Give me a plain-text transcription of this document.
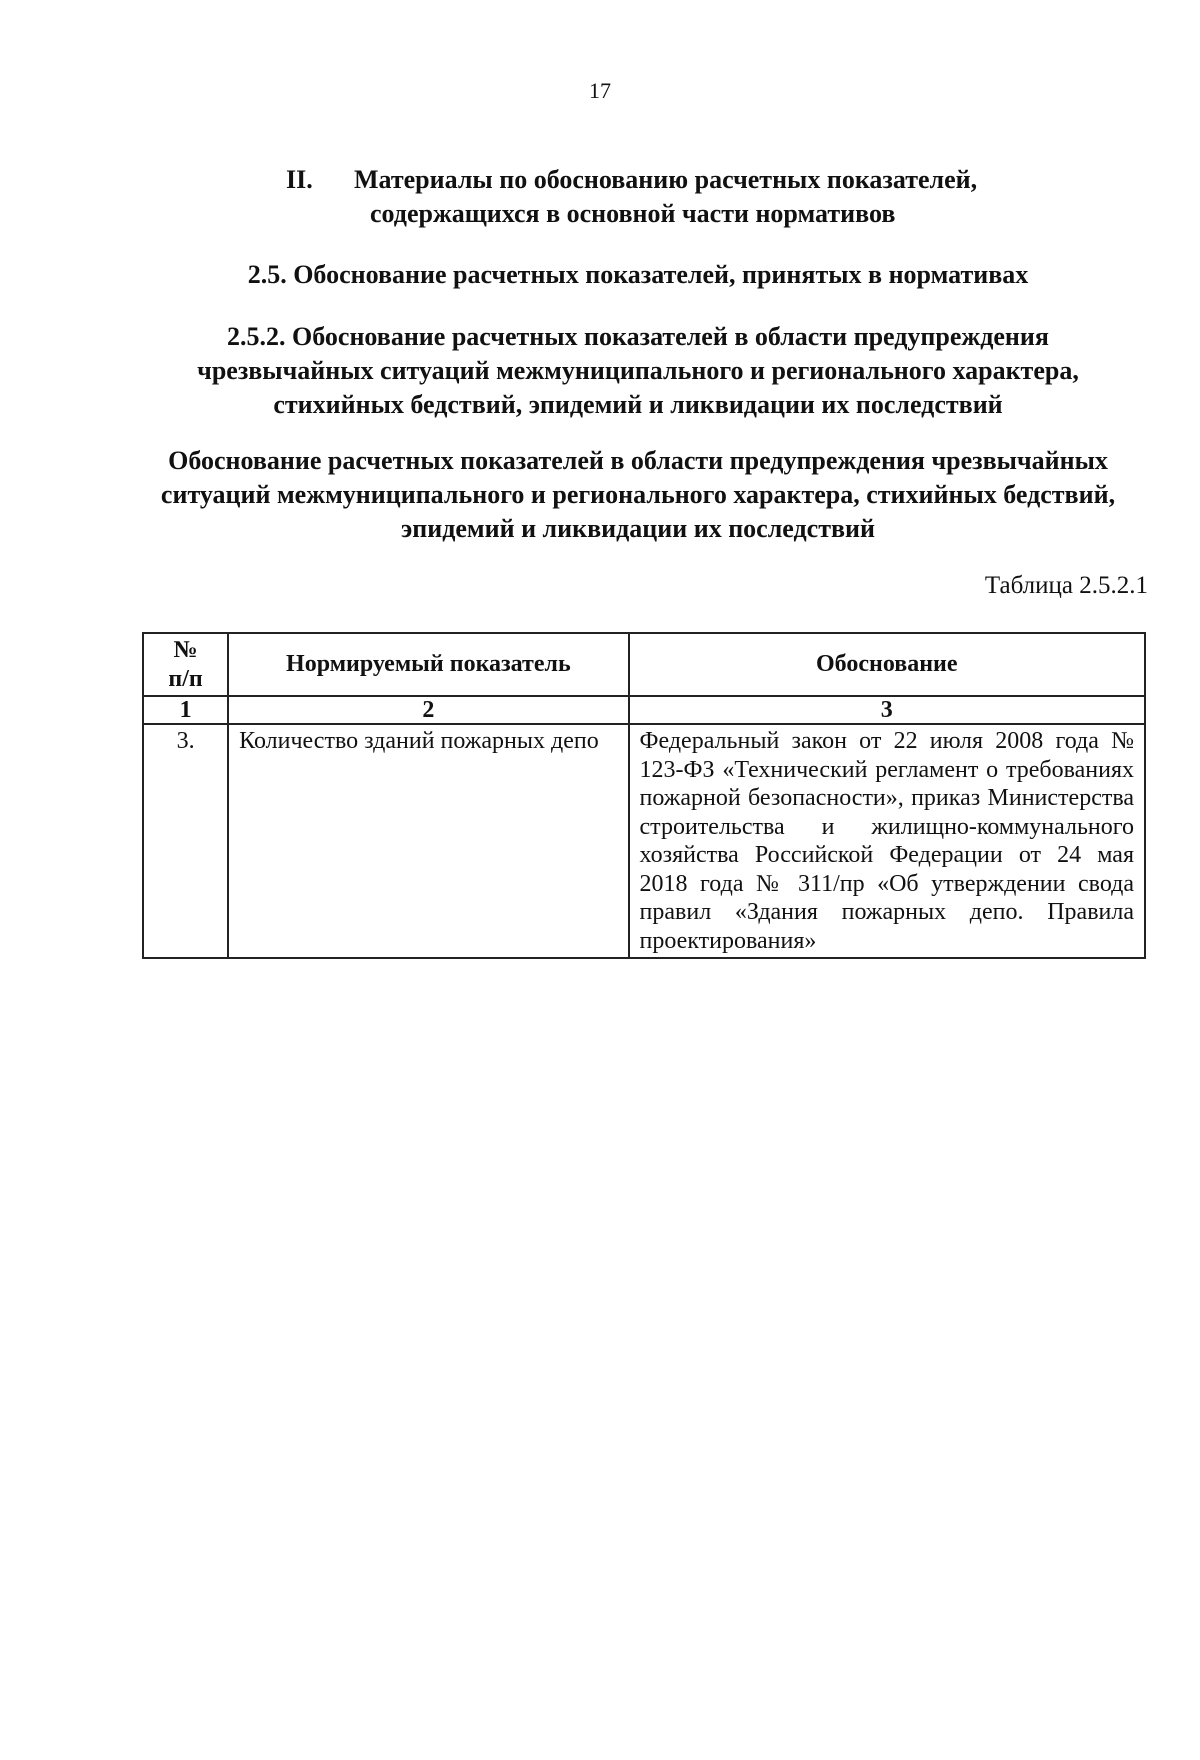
17
II. Материалы по обоснованию расчетных показателей,
содержащихся в основной части нормативов
2.5. Обоснование расчетных показателей, принятых в нормативах
2.5.2. Обоснование расчетных показателей в области предупреждения
чрезвычайных ситуаций межмуниципального и регионального характера,
стихийных бедствий, эпидемий и ликвидации их последствий
Обоснование расчетных показателей в области предупреждения чрезвычайных
ситуаций межмуниципального и регионального характера, стихийных бедствий,
эпидемий и ликвидации их последствий
Таблица 2.5.2.1
№
п/п	Нормируемый показатель	Обоснование
1	2	3
3.	Количество зданий пожарных депо	Федеральный закон от 22 июля 2008 года № 123-ФЗ «Технический регламент о требованиях пожарной безопасности», приказ Министерства строительства и жилищно-коммунального хозяйства Российской Федерации от 24 мая 2018 года № 311/пр «Об утверждении свода правил «Здания пожарных депо. Правила проектирования»
